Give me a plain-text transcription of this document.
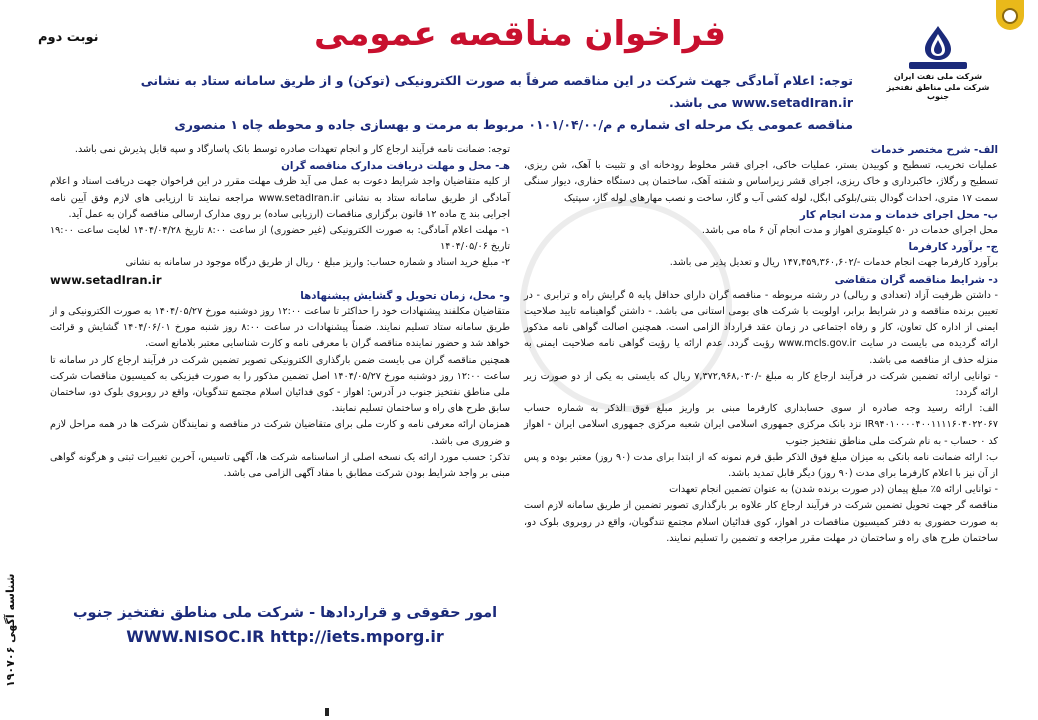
شرکت ملی نفت ایران
شرکت ملی مناطق نفتخیز جنوب
فراخوان مناقصه عمومی
نوبت دوم
توجه: اعلام آمادگی جهت شرکت در این مناقصه صرفاً به صورت الکترونیکی (توکن) و از طریق سامانه ستاد به نشانی www.setadIran.ir می باشد.
مناقصه عمومی یک مرحله ای شماره م م/۰۱۰۱/۰۴/۰۰ مربوط به مرمت و بهسازی جاده و محوطه چاه ۱ منصوری
الف- شرح مختصر خدمات

عملیات تخریب، تسطیح و کوبیدن بستر، عملیات خاکی، اجرای قشر مخلوط رودخانه ای و تثبیت با آهک، شن ریزی، تسطیح و رگلاژ، خاکبرداری و خاک ریزی، اجرای قشر زیراساس و شفته آهک، ساختمان پی دستگاه حفاری، دیوار سنگی سمت ۱۷ متری، احداث گودال بتنی/بلوکی ابگل، لوله کشی آب و گاز، ساخت و نصب مهارهای لوله گاز، سپتیک

ب- محل اجرای خدمات و مدت انجام کار

محل اجرای خدمات در ۵۰ کیلومتری اهواز و مدت انجام آن ۶ ماه می باشد.

ج- برآورد کارفرما

برآورد کارفرما جهت انجام خدمات -/۱۴۷,۴۵۹,۳۶۰,۶۰۲ ریال و تعدیل پذیر می باشد.

د- شرایط مناقصه گران متقاضی

- داشتن ظرفیت آزاد (تعدادی و ریالی) در رشته مربوطه - مناقصه گران دارای حداقل پایه ۵ گرایش راه و ترابری - در تعیین برنده مناقصه و در شرایط برابر، اولویت با شرکت های بومی استانی می باشد. - داشتن گواهینامه تایید صلاحیت ایمنی از اداره کل تعاون، کار و رفاه اجتماعی در زمان عقد قرارداد الزامی است. همچنین اصالت گواهی نامه مذکور ارائه گردیده می بایست در سایت www.mcls.gov.ir رؤیت گردد. عدم ارائه یا رؤیت گواهی نامه صلاحیت ایمنی به منزله حذف از مناقصه می باشد.

- توانایی ارائه تضمین شرکت در فرآیند ارجاع کار به مبلغ -/۷,۳۷۲,۹۶۸,۰۳۰ ریال که بایستی به یکی از دو صورت زیر ارائه گردد:

الف: ارائه رسید وجه صادره از سوی حسابداری کارفرما مبنی بر واریز مبلغ فوق الذکر به شماره حساب IR۹۴۰۱۰۰۰۰۴۰۰۱۱۱۱۶۰۴۰۲۲۰۶۷ نزد بانک مرکزی جمهوری اسلامی ایران شعبه مرکزی جمهوری اسلامی ایران - اهواز کد ۰ حساب - به نام شرکت ملی مناطق نفتخیز جنوب

ب: ارائه ضمانت نامه بانکی به میزان مبلغ فوق الذکر طبق فرم نمونه که از ابتدا برای مدت (۹۰ روز) معتبر بوده و پس از آن نیز با اعلام کارفرما برای مدت (۹۰ روز) دیگر قابل تمدید باشد.

- توانایی ارائه ۵٪ مبلغ پیمان (در صورت برنده شدن) به عنوان تضمین انجام تعهدات

مناقصه گر جهت تحویل تضمین شرکت در فرآیند ارجاع کار علاوه بر بارگذاری تصویر تضمین از طریق سامانه لازم است به صورت حضوری به دفتر کمیسیون مناقصات در اهواز، کوی فدائیان اسلام مجتمع تندگویان، واقع در روبروی بلوک دو، ساختمان طرح های راه و ساختمان در مهلت مقرر مراجعه و تضمین را تسلیم نمایند.

توجه: ضمانت نامه فرآیند ارجاع کار و انجام تعهدات صادره توسط بانک پاسارگاد و سپه قابل پذیرش نمی باشد.

هـ- محل و مهلت دریافت مدارک مناقصه گران

از کلیه متقاضیان واجد شرایط دعوت به عمل می آید ظرف مهلت مقرر در این فراخوان جهت دریافت اسناد و اعلام آمادگی از طریق سامانه ستاد به نشانی www.setadIran.ir مراجعه نمایند تا ارزیابی های لازم وفق آیین نامه اجرایی بند ج ماده ۱۲ قانون برگزاری مناقصات (ارزیابی ساده) بر روی مدارک ارسالی مناقصه گران به عمل آید.

۱- مهلت اعلام آمادگی: به صورت الکترونیکی (غیر حضوری) از ساعت ۸:۰۰ تاریخ ۱۴۰۴/۰۴/۲۸ لغایت ساعت ۱۹:۰۰ تاریخ ۱۴۰۴/۰۵/۰۶

۲- مبلغ خرید اسناد و شماره حساب: واریز مبلغ ۰ ریال از طریق درگاه موجود در سامانه به نشانی

www.setadIran.ir
و- محل، زمان تحویل و گشایش پیشنهادها

متقاضیان مکلفند پیشنهادات خود را حداکثر تا ساعت ۱۲:۰۰ روز دوشنبه مورخ ۱۴۰۴/۰۵/۲۷ به صورت الکترونیکی و از طریق سامانه ستاد تسلیم نمایند. ضمناً پیشنهادات در ساعت ۸:۰۰ روز شنبه مورخ ۱۴۰۴/۰۶/۰۱ گشایش و قرائت خواهد شد و حضور نماینده مناقصه گران با معرفی نامه و کارت شناسایی معتبر بلامانع است.

همچنین مناقصه گران می بایست ضمن بارگذاری الکترونیکی تصویر تضمین شرکت در فرآیند ارجاع کار در سامانه تا ساعت ۱۲:۰۰ روز دوشنبه مورخ ۱۴۰۴/۰۵/۲۷ اصل تضمین مذکور را به صورت فیزیکی به کمیسیون مناقصات شرکت ملی مناطق نفتخیز جنوب در آدرس: اهواز - کوی فدائیان اسلام مجتمع تندگویان، واقع در روبروی بلوک دو، ساختمان سابق طرح های راه و ساختمان تسلیم نمایند.

همزمان ارائه معرفی نامه و کارت ملی برای متقاضیان شرکت در مناقصه و نمایندگان شرکت ها در همه مراحل لازم و ضروری می باشد.

تذکر: حسب مورد ارائه یک نسخه اصلی از اساسنامه شرکت ها، آگهی تاسیس، آخرین تغییرات ثبتی و هرگونه گواهی مبنی بر واجد شرایط بودن شرکت مطابق با مفاد آگهی الزامی می باشد.

امور حقوقی و قراردادها - شرکت ملی مناطق نفتخیز جنوب
WWW.NISOC.IR http://iets.mporg.ir
شناسه آگهی ۱۹۰۷۰۶
